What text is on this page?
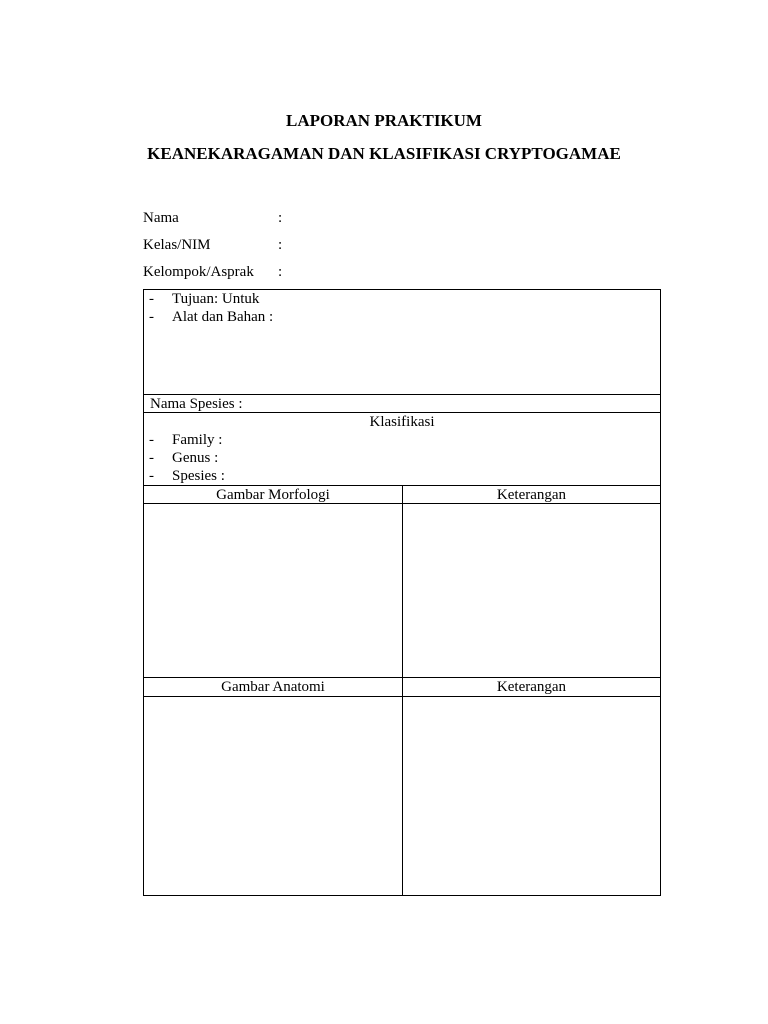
LAPORAN PRAKTIKUM
KEANEKARAGAMAN DAN KLASIFIKASI CRYPTOGAMAE
Nama	:
Kelas/NIM	:
Kelompok/Asprak :
- Tujuan: Untuk
- Alat dan Bahan :
Nama Spesies :
Klasifikasi
- Family :
- Genus :
- Spesies :
Gambar Morfologi	Keterangan
Gambar Anatomi	Keterangan
